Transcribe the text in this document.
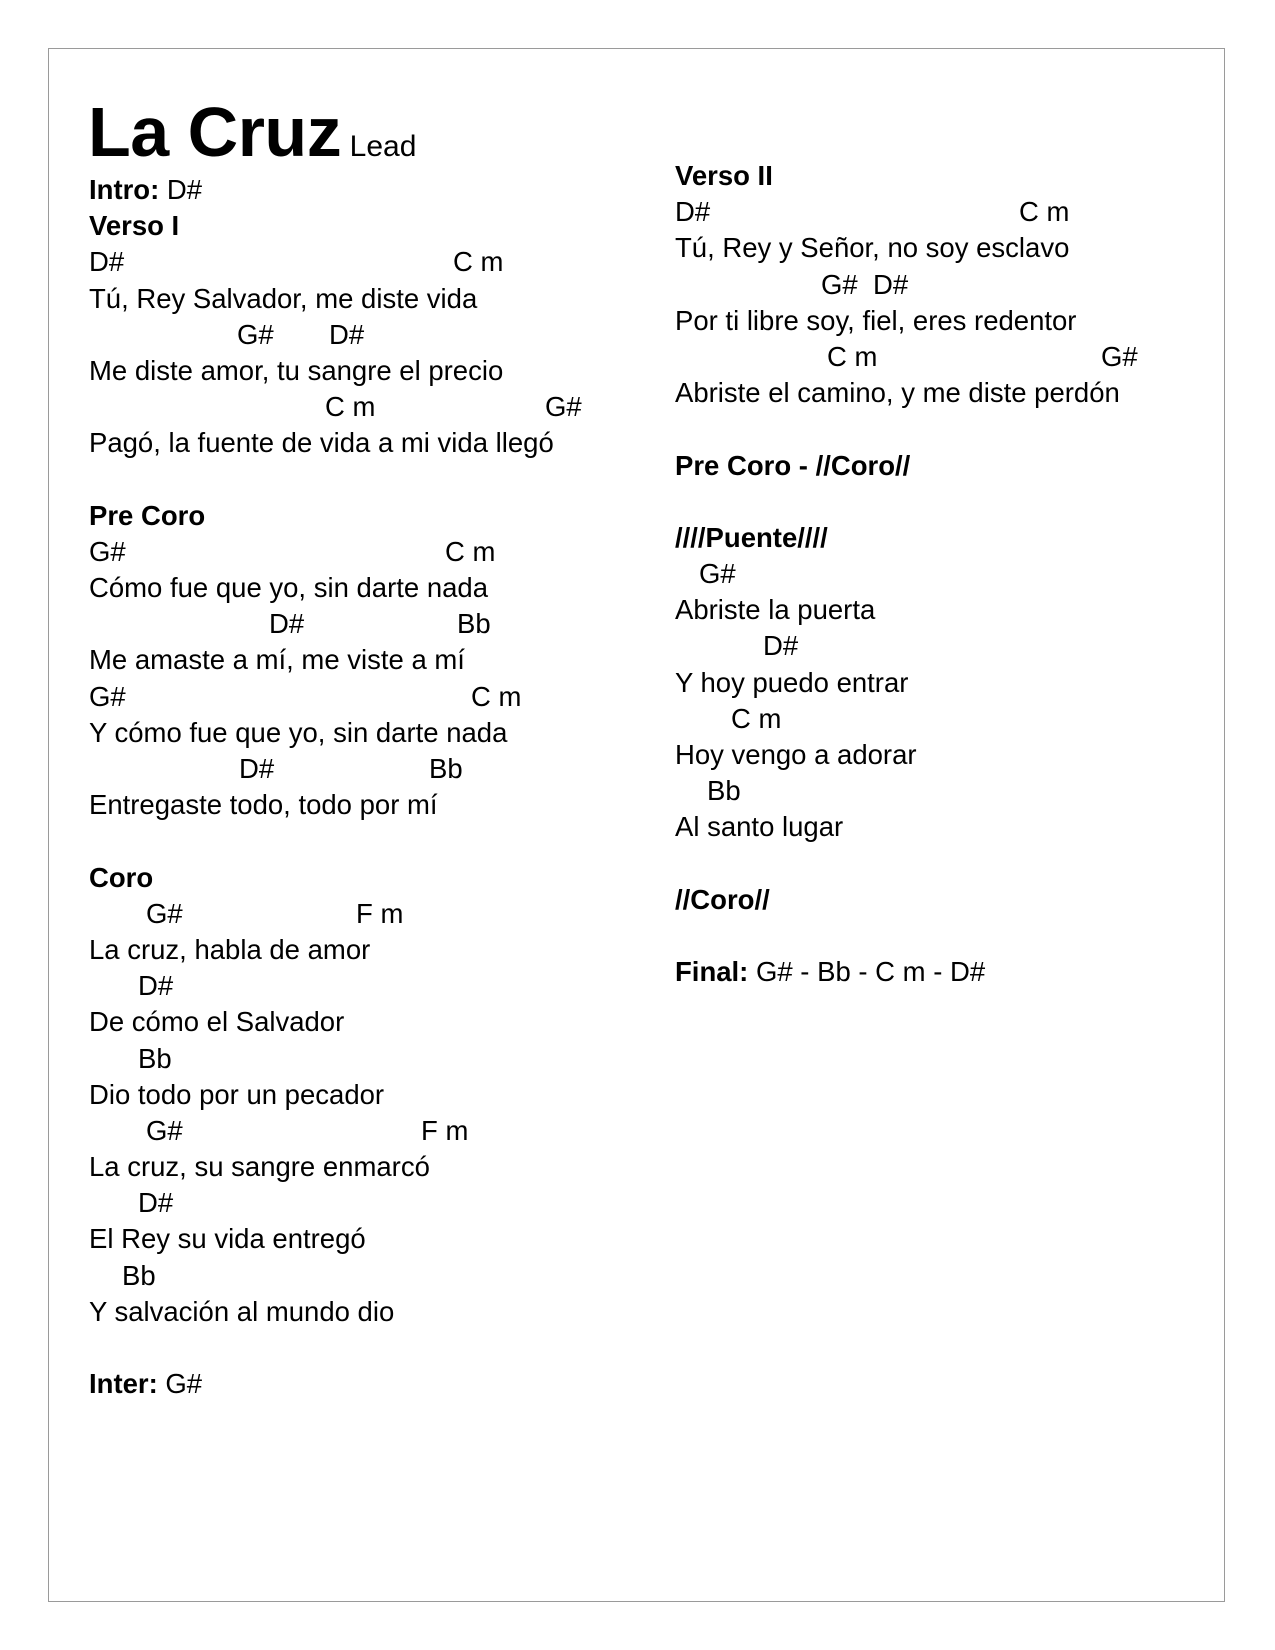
La Cruz Lead
Intro: D#
Verso I
D#	C m
Tú, Rey Salvador, me diste vida
G# D#
Me diste amor, tu sangre el precio
C m	G#
Pagó, la fuente de vida a mi vida llegó
Pre Coro
G#	C m
Cómo fue que yo, sin darte nada
D#	Bb
Me amaste a mí, me viste a mí
G#	C m
Y cómo fue que yo, sin darte nada
D#	Bb
Entregaste todo, todo por mí
Coro
G#	F m
La cruz, habla de amor
D#
De cómo el Salvador
Bb
Dio todo por un pecador
G#	F m
La cruz, su sangre enmarcó
D#
El Rey su vida entregó
Bb
Y salvación al mundo dio
Inter: G#
Verso II
D#	C m
Tú, Rey y Señor, no soy esclavo
G# D#
Por ti libre soy, fiel, eres redentor
C m	G#
Abriste el camino, y me diste perdón
Pre Coro - //Coro//
////Puente////
G#
Abriste la puerta
D#
Y hoy puedo entrar
C m
Hoy vengo a adorar
Bb
Al santo lugar
//Coro//
Final: G# - Bb - C m - D#
